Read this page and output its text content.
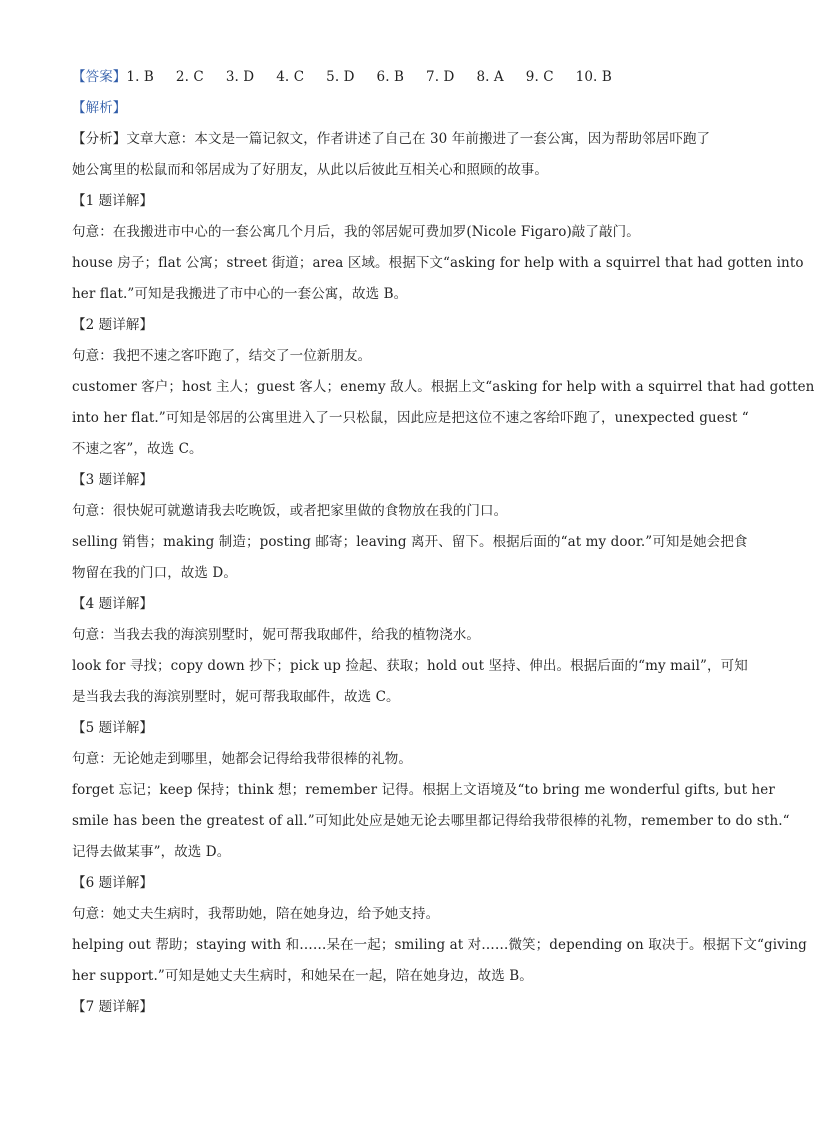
【答案】1. B 2. C 3. D 4. C 5. D 6. B 7. D 8. A 9. C 10. B
【解析】
【分析】文章大意：本文是一篇记叙文，作者讲述了自己在 30 年前搬进了一套公寓，因为帮助邻居吓跑了
她公寓里的松鼠而和邻居成为了好朋友，从此以后彼此互相关心和照顾的故事。
【1 题详解】
句意：在我搬进市中心的一套公寓几个月后，我的邻居妮可费加罗(Nicole Figaro)敲了敲门。
house 房子；flat 公寓；street 街道；area 区域。根据下文“asking for help with a squirrel that had gotten into
her flat.”可知是我搬进了市中心的一套公寓，故选 B。
【2 题详解】
句意：我把不速之客吓跑了，结交了一位新朋友。
customer 客户；host 主人；guest 客人；enemy 敌人。根据上文“asking for help with a squirrel that had gotten
into her flat.”可知是邻居的公寓里进入了一只松鼠，因此应是把这位不速之客给吓跑了，unexpected guest “
不速之客”，故选 C。
【3 题详解】
句意：很快妮可就邀请我去吃晚饭，或者把家里做的食物放在我的门口。
selling 销售；making 制造；posting 邮寄；leaving 离开、留下。根据后面的“at my door.”可知是她会把食
物留在我的门口，故选 D。
【4 题详解】
句意：当我去我的海滨别墅时，妮可帮我取邮件，给我的植物浇水。
look for 寻找；copy down 抄下；pick up 捡起、获取；hold out 坚持、伸出。根据后面的“my mail”，可知
是当我去我的海滨别墅时，妮可帮我取邮件，故选 C。
【5 题详解】
句意：无论她走到哪里，她都会记得给我带很棒的礼物。
forget 忘记；keep 保持；think 想；remember 记得。根据上文语境及“to bring me wonderful gifts, but her
smile has been the greatest of all.”可知此处应是她无论去哪里都记得给我带很棒的礼物，remember to do sth.“
记得去做某事”，故选 D。
【6 题详解】
句意：她丈夫生病时，我帮助她，陪在她身边，给予她支持。
helping out 帮助；staying with 和……呆在一起；smiling at 对……微笑；depending on 取决于。根据下文“giving
her support.”可知是她丈夫生病时，和她呆在一起，陪在她身边，故选 B。
【7 题详解】
